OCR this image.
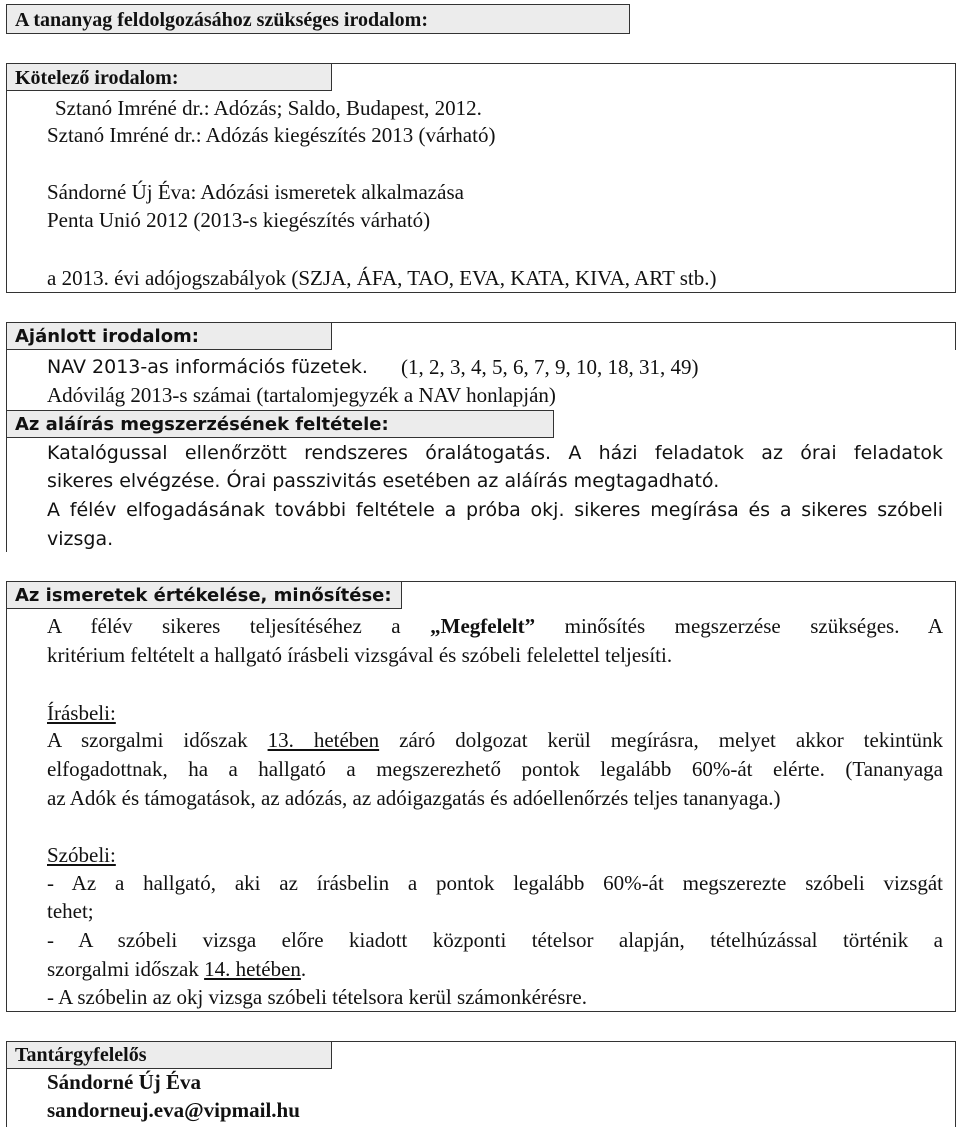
A tananyag feldolgozásához szükséges irodalom:
Kötelező irodalom:
Sztanó Imréné dr.: Adózás; Saldo, Budapest, 2012.
Sztanó Imréné dr.: Adózás kiegészítés 2013 (várható)
Sándorné Új Éva: Adózási ismeretek alkalmazása
Penta Unió 2012 (2013-s kiegészítés várható)
a 2013. évi adójogszabályok (SZJA, ÁFA, TAO, EVA, KATA, KIVA, ART stb.)
Ajánlott irodalom:
NAV 2013-as információs füzetek. (1, 2, 3, 4, 5, 6, 7, 9, 10, 18, 31, 49)
Adóvilág 2013-s számai (tartalomjegyzék a NAV honlapján)
Az aláírás megszerzésének feltétele:
Katalógussal ellenőrzött rendszeres óralátogatás. A házi feladatok az órai feladatok
sikeres elvégzése. Órai passzivitás esetében az aláírás megtagadható.
A félév elfogadásának további feltétele a próba okj. sikeres megírása és a sikeres szóbeli
vizsga.
Az ismeretek értékelése, minősítése:
A félév sikeres teljesítéséhez a „Megfelelt” minősítés megszerzése szükséges. A
kritérium feltételt a hallgató írásbeli vizsgával és szóbeli felelettel teljesíti.
Írásbeli:
A szorgalmi időszak 13. hetében záró dolgozat kerül megírásra, melyet akkor tekintünk
elfogadottnak, ha a hallgató a megszerezhető pontok legalább 60%-át elérte. (Tananyaga
az Adók és támogatások, az adózás, az adóigazgatás és adóellenőrzés teljes tananyaga.)
Szóbeli:
- Az a hallgató, aki az írásbelin a pontok legalább 60%-át megszerezte szóbeli vizsgát
tehet;
- A szóbeli vizsga előre kiadott központi tételsor alapján, tételhúzással történik a
szorgalmi időszak 14. hetében.
- A szóbelin az okj vizsga szóbeli tételsora kerül számonkérésre.
Tantárgyfelelős
Sándorné Új Éva
sandorneuj.eva@vipmail.hu
